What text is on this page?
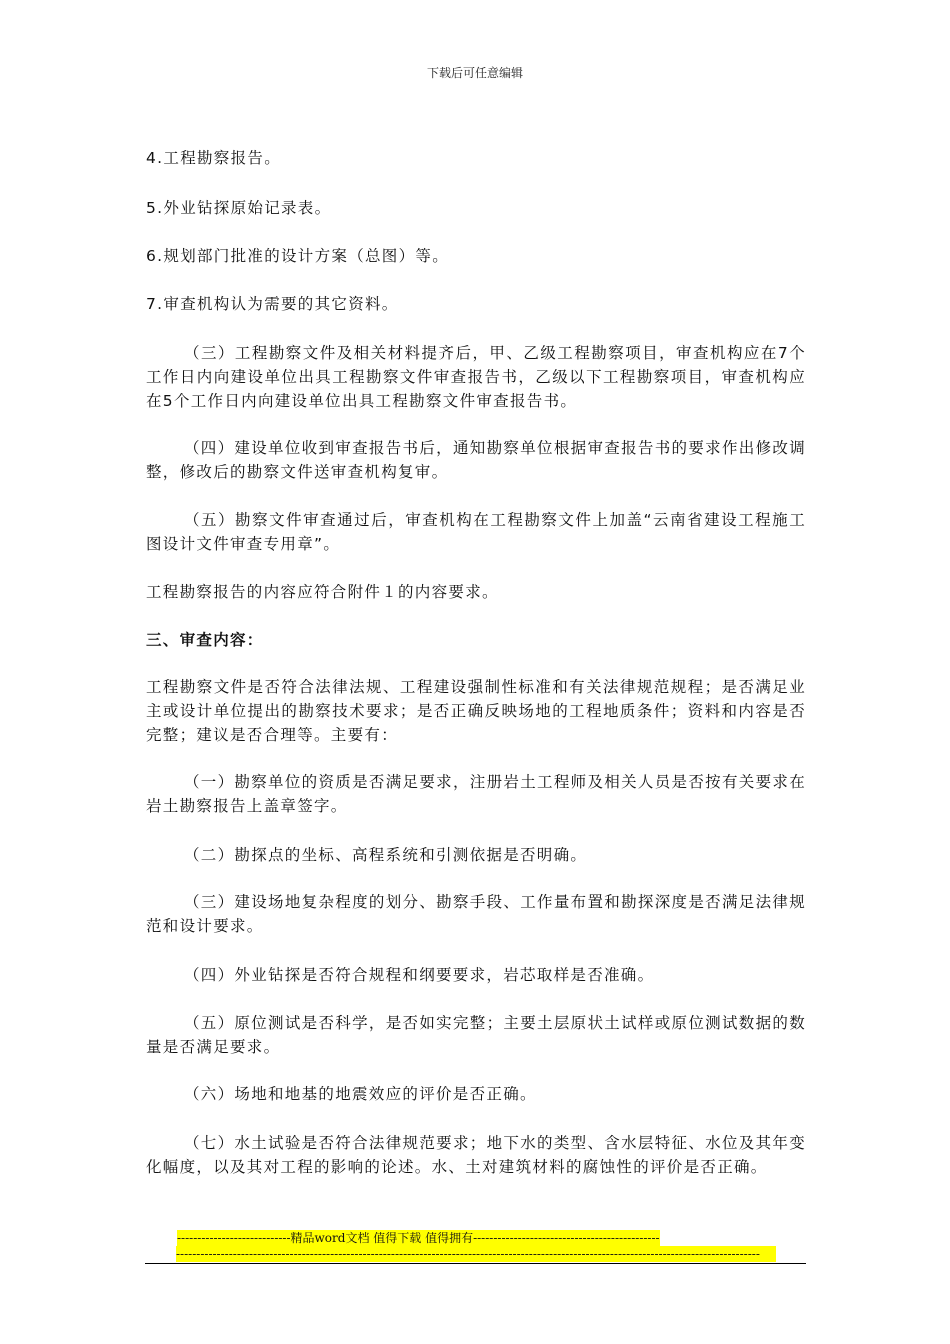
下载后可任意编辑

4.工程勘察报告。

5.外业钻探原始记录表。

6.规划部门批准的设计方案（总图）等。

7.审查机构认为需要的其它资料。

（三）工程勘察文件及相关材料提齐后，甲、乙级工程勘察项目，审查机构应在7个工作日内向建设单位出具工程勘察文件审查报告书，乙级以下工程勘察项目，审查机构应在5个工作日内向建设单位出具工程勘察文件审查报告书。

（四）建设单位收到审查报告书后，通知勘察单位根据审查报告书的要求作出修改调整，修改后的勘察文件送审查机构复审。

（五）勘察文件审查通过后，审查机构在工程勘察文件上加盖“云南省建设工程施工图设计文件审查专用章”。

工程勘察报告的内容应符合附件１的内容要求。

三、审查内容：

工程勘察文件是否符合法律法规、工程建设强制性标准和有关法律规范规程；是否满足业主或设计单位提出的勘察技术要求；是否正确反映场地的工程地质条件；资料和内容是否完整；建议是否合理等。主要有：

（一）勘察单位的资质是否满足要求，注册岩土工程师及相关人员是否按有关要求在岩土勘察报告上盖章签字。

（二）勘探点的坐标、高程系统和引测依据是否明确。

（三）建设场地复杂程度的划分、勘察手段、工作量布置和勘探深度是否满足法律规范和设计要求。

（四）外业钻探是否符合规程和纲要要求，岩芯取样是否准确。

（五）原位测试是否科学，是否如实完整；主要土层原状土试样或原位测试数据的数量是否满足要求。

（六）场地和地基的地震效应的评价是否正确。

（七）水土试验是否符合法律规范要求；地下水的类型、含水层特征、水位及其年变化幅度，以及其对工程的影响的论述。水、土对建筑材料的腐蚀性的评价是否正确。

----------------------------精品word文档 值得下载 值得拥有----------------------------------------------
------------------------------------------------------------------------------------------------------------------------------------------------
